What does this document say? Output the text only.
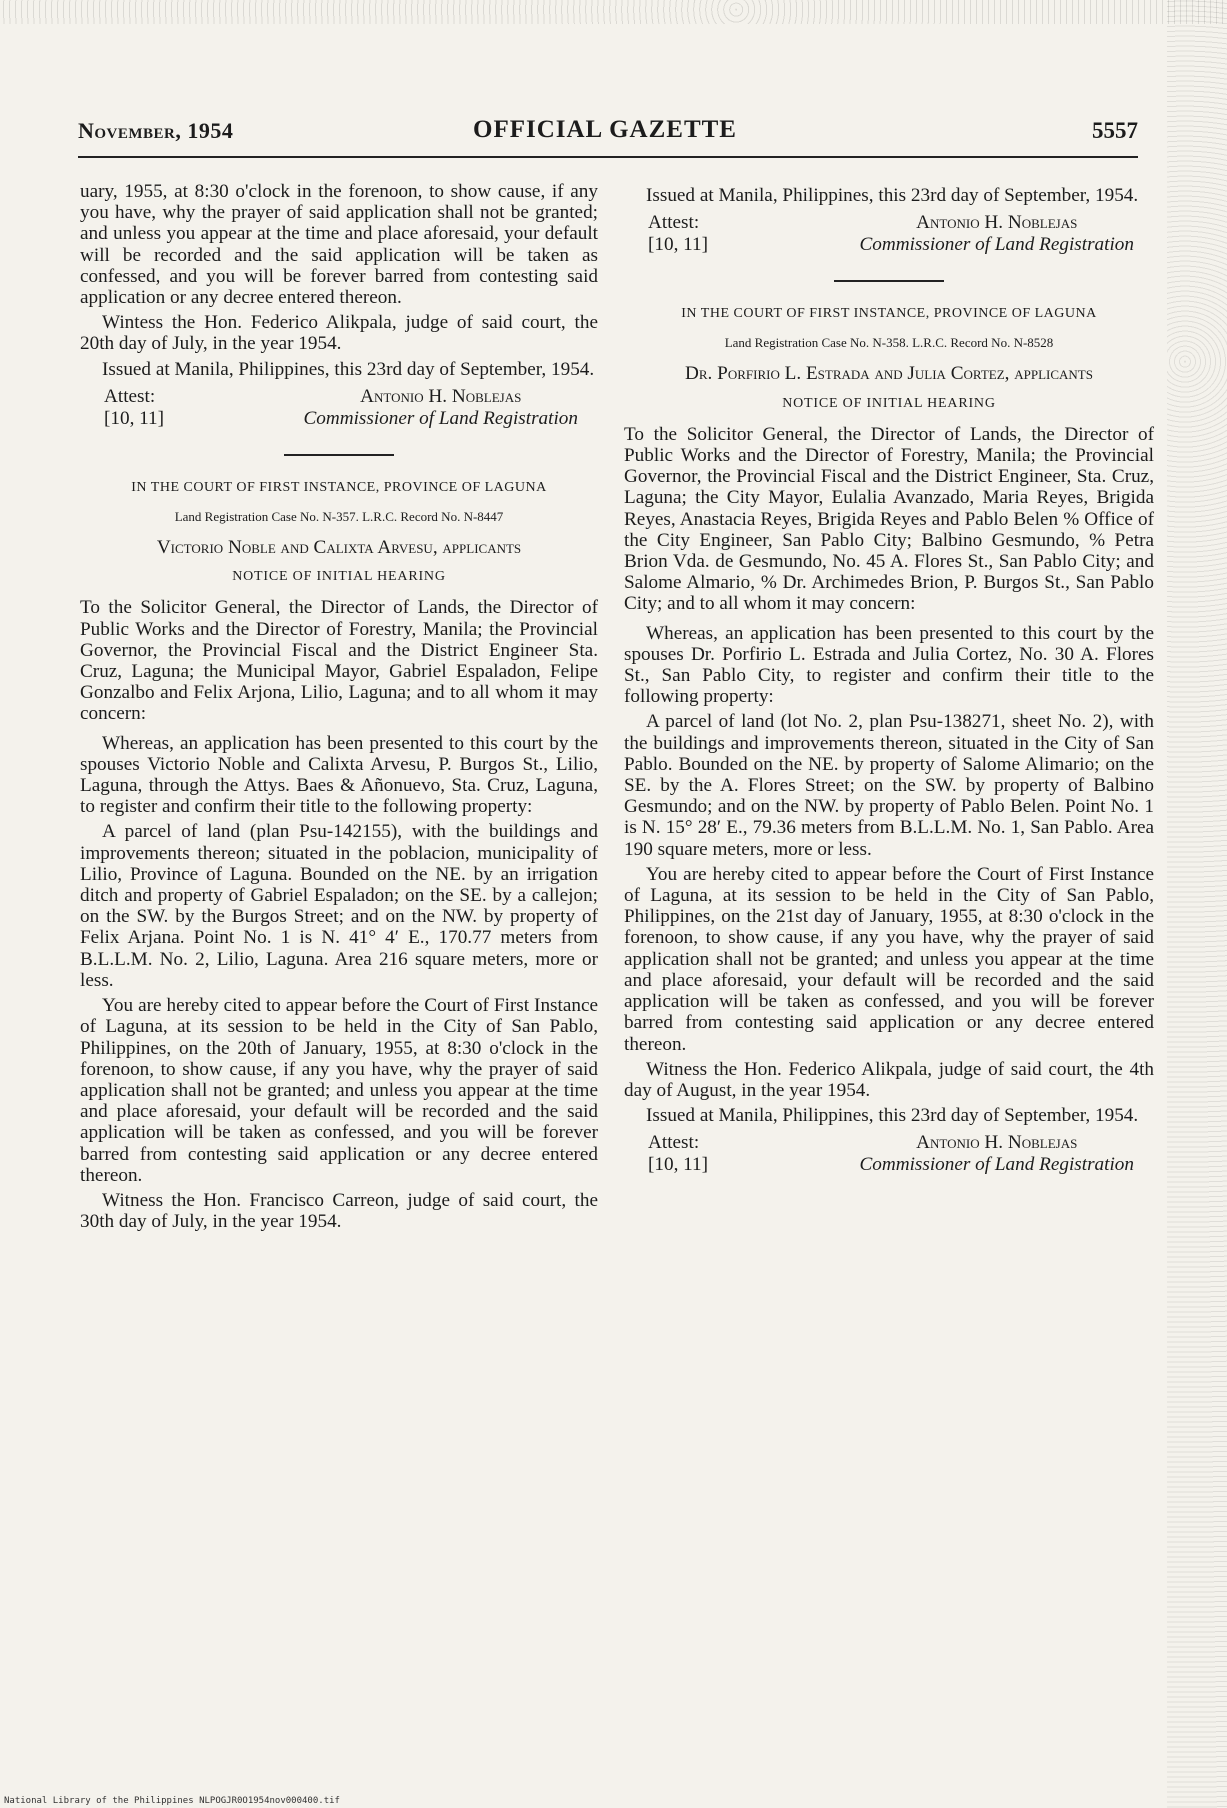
November, 1954	OFFICIAL GAZETTE	5557

uary, 1955, at 8:30 o'clock in the forenoon, to show cause, if any you have, why the prayer of said application shall not be granted; and unless you appear at the time and place aforesaid, your default will be recorded and the said application will be taken as confessed, and you will be forever barred from contesting said application or any decree entered thereon.

Wintess the Hon. Federico Alikpala, judge of said court, the 20th day of July, in the year 1954.

Issued at Manila, Philippines, this 23rd day of September, 1954.

Attest:
[10, 11]
Antonio H. Noblejas
Commissioner of Land Registration
IN THE COURT OF FIRST INSTANCE, PROVINCE OF LAGUNA
Land Registration Case No. N-357. L.R.C. Record No. N-8447
Victorio Noble and Calixta Arvesu, applicants
NOTICE OF INITIAL HEARING

To the Solicitor General, the Director of Lands, the Director of Public Works and the Director of Forestry, Manila; the Provincial Governor, the Provincial Fiscal and the District Engineer Sta. Cruz, Laguna; the Municipal Mayor, Gabriel Espaladon, Felipe Gonzalbo and Felix Arjona, Lilio, Laguna; and to all whom it may concern:

Whereas, an application has been presented to this court by the spouses Victorio Noble and Calixta Arvesu, P. Burgos St., Lilio, Laguna, through the Attys. Baes & Añonuevo, Sta. Cruz, Laguna, to register and confirm their title to the following property:

A parcel of land (plan Psu-142155), with the buildings and improvements thereon; situated in the poblacion, municipality of Lilio, Province of Laguna. Bounded on the NE. by an irrigation ditch and property of Gabriel Espaladon; on the SE. by a callejon; on the SW. by the Burgos Street; and on the NW. by property of Felix Arjana. Point No. 1 is N. 41° 4′ E., 170.77 meters from B.L.L.M. No. 2, Lilio, Laguna. Area 216 square meters, more or less.

You are hereby cited to appear before the Court of First Instance of Laguna, at its session to be held in the City of San Pablo, Philippines, on the 20th of January, 1955, at 8:30 o'clock in the forenoon, to show cause, if any you have, why the prayer of said application shall not be granted; and unless you appear at the time and place aforesaid, your default will be recorded and the said application will be taken as confessed, and you will be forever barred from contesting said application or any decree entered thereon.

Witness the Hon. Francisco Carreon, judge of said court, the 30th day of July, in the year 1954.

Issued at Manila, Philippines, this 23rd day of September, 1954.

Attest:
[10, 11]
Antonio H. Noblejas
Commissioner of Land Registration
IN THE COURT OF FIRST INSTANCE, PROVINCE OF LAGUNA
Land Registration Case No. N-358. L.R.C. Record No. N-8528
Dr. Porfirio L. Estrada and Julia Cortez, applicants
NOTICE OF INITIAL HEARING

To the Solicitor General, the Director of Lands, the Director of Public Works and the Director of Forestry, Manila; the Provincial Governor, the Provincial Fiscal and the District Engineer, Sta. Cruz, Laguna; the City Mayor, Eulalia Avanzado, Maria Reyes, Brigida Reyes, Anastacia Reyes, Brigida Reyes and Pablo Belen % Office of the City Engineer, San Pablo City; Balbino Gesmundo, % Petra Brion Vda. de Gesmundo, No. 45 A. Flores St., San Pablo City; and Salome Almario, % Dr. Archimedes Brion, P. Burgos St., San Pablo City; and to all whom it may concern:

Whereas, an application has been presented to this court by the spouses Dr. Porfirio L. Estrada and Julia Cortez, No. 30 A. Flores St., San Pablo City, to register and confirm their title to the following property:

A parcel of land (lot No. 2, plan Psu-138271, sheet No. 2), with the buildings and improvements thereon, situated in the City of San Pablo. Bounded on the NE. by property of Salome Alimario; on the SE. by the A. Flores Street; on the SW. by property of Balbino Gesmundo; and on the NW. by property of Pablo Belen. Point No. 1 is N. 15° 28′ E., 79.36 meters from B.L.L.M. No. 1, San Pablo. Area 190 square meters, more or less.

You are hereby cited to appear before the Court of First Instance of Laguna, at its session to be held in the City of San Pablo, Philippines, on the 21st day of January, 1955, at 8:30 o'clock in the forenoon, to show cause, if any you have, why the prayer of said application shall not be granted; and unless you appear at the time and place aforesaid, your default will be recorded and the said application will be taken as confessed, and you will be forever barred from contesting said application or any decree entered thereon.

Witness the Hon. Federico Alikpala, judge of said court, the 4th day of August, in the year 1954.

Issued at Manila, Philippines, this 23rd day of September, 1954.

Attest:
[10, 11]
Antonio H. Noblejas
Commissioner of Land Registration
National Library of the Philippines NLPOGJR0O1954nov000400.tif
